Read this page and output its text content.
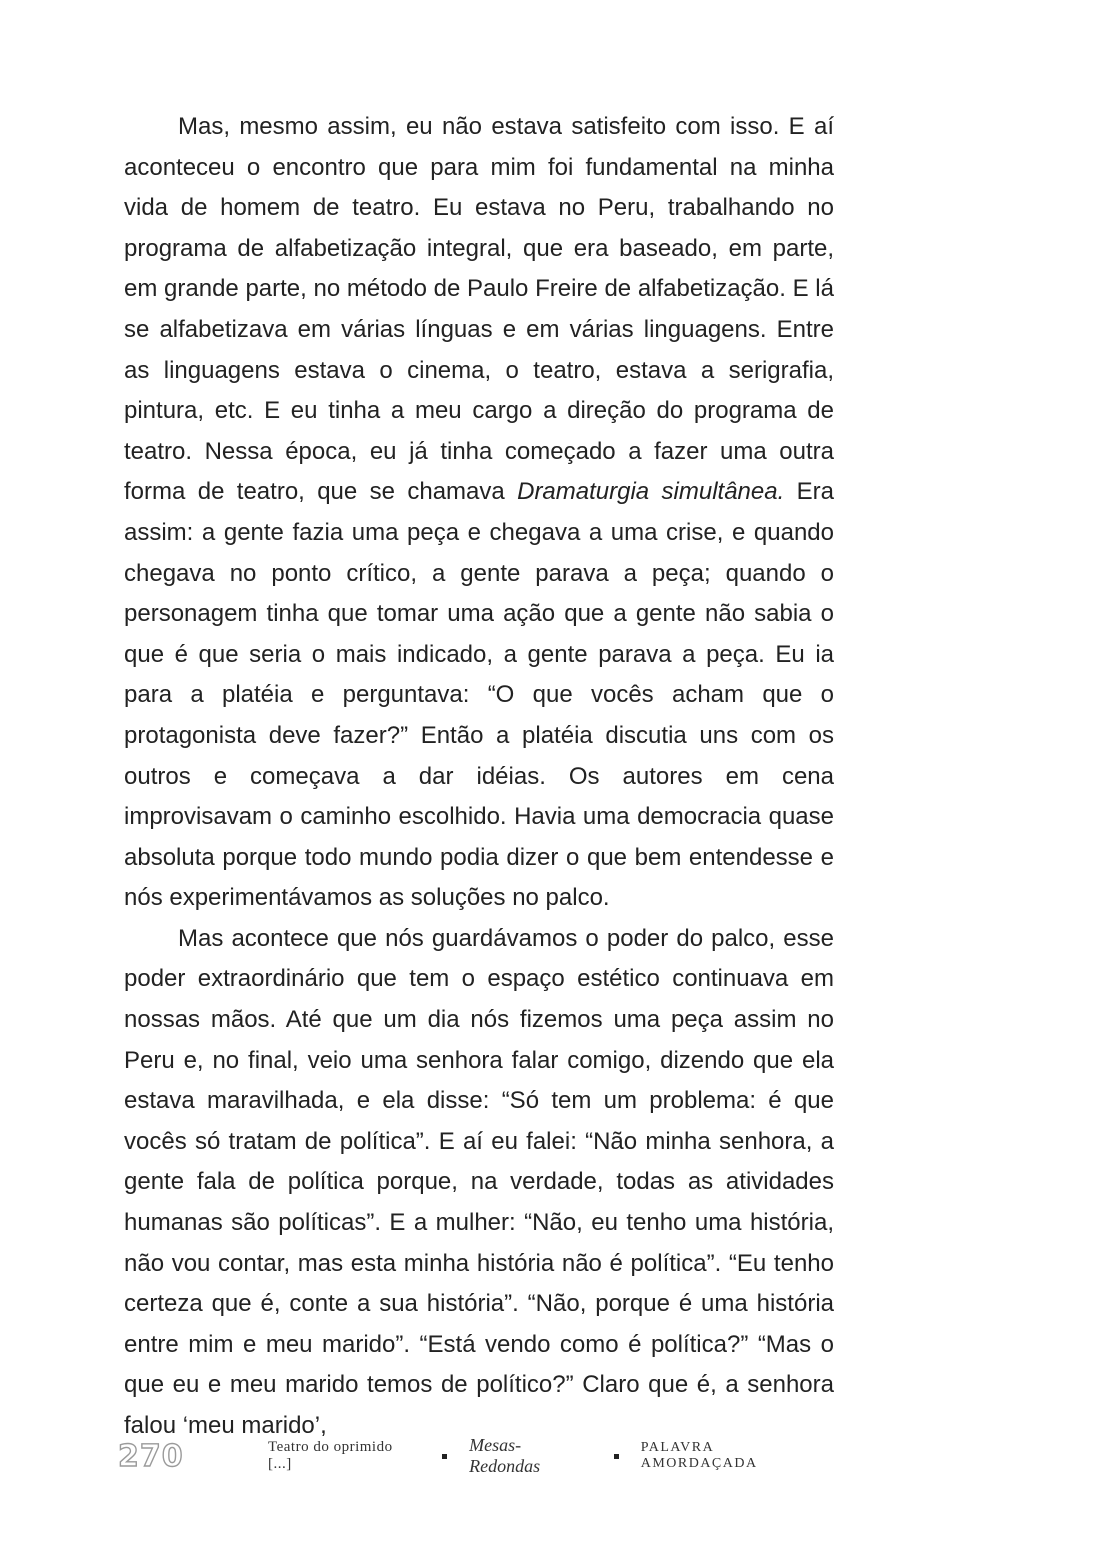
Mas, mesmo assim, eu não estava satisfeito com isso. E aí aconteceu o encontro que para mim foi fundamental na minha vida de homem de teatro. Eu estava no Peru, trabalhando no programa de alfabetização integral, que era baseado, em parte, em grande parte, no método de Paulo Freire de alfabetização. E lá se alfabetizava em várias línguas e em várias linguagens. Entre as linguagens estava o cinema, o teatro, estava a serigrafia, pintura, etc. E eu tinha a meu cargo a direção do programa de teatro. Nessa época, eu já tinha começado a fazer uma outra forma de teatro, que se chamava Dramaturgia simultânea. Era assim: a gente fazia uma peça e chegava a uma crise, e quando chegava no ponto crítico, a gente parava a peça; quando o personagem tinha que tomar uma ação que a gente não sabia o que é que seria o mais indicado, a gente parava a peça. Eu ia para a platéia e perguntava: “O que vocês acham que o protagonista deve fazer?” Então a platéia discutia uns com os outros e começava a dar idéias. Os autores em cena improvisavam o caminho escolhido. Havia uma democracia quase absoluta porque todo mundo podia dizer o que bem entendesse e nós experimentávamos as soluções no palco.

Mas acontece que nós guardávamos o poder do palco, esse poder extraordinário que tem o espaço estético continuava em nossas mãos. Até que um dia nós fizemos uma peça assim no Peru e, no final, veio uma senhora falar comigo, dizendo que ela estava maravilhada, e ela disse: “Só tem um problema: é que vocês só tratam de política”. E aí eu falei: “Não minha senhora, a gente fala de política porque, na verdade, todas as atividades humanas são políticas”. E a mulher: “Não, eu tenho uma história, não vou contar, mas esta minha história não é política”. “Eu tenho certeza que é, conte a sua história”. “Não, porque é uma história entre mim e meu marido”. “Está vendo como é política?” “Mas o que eu e meu marido temos de político?” Claro que é, a senhora falou ‘meu marido’,

270	Teatro do oprimido [...]
Mesas-Redondas
PALAVRA AMORDAÇADA
